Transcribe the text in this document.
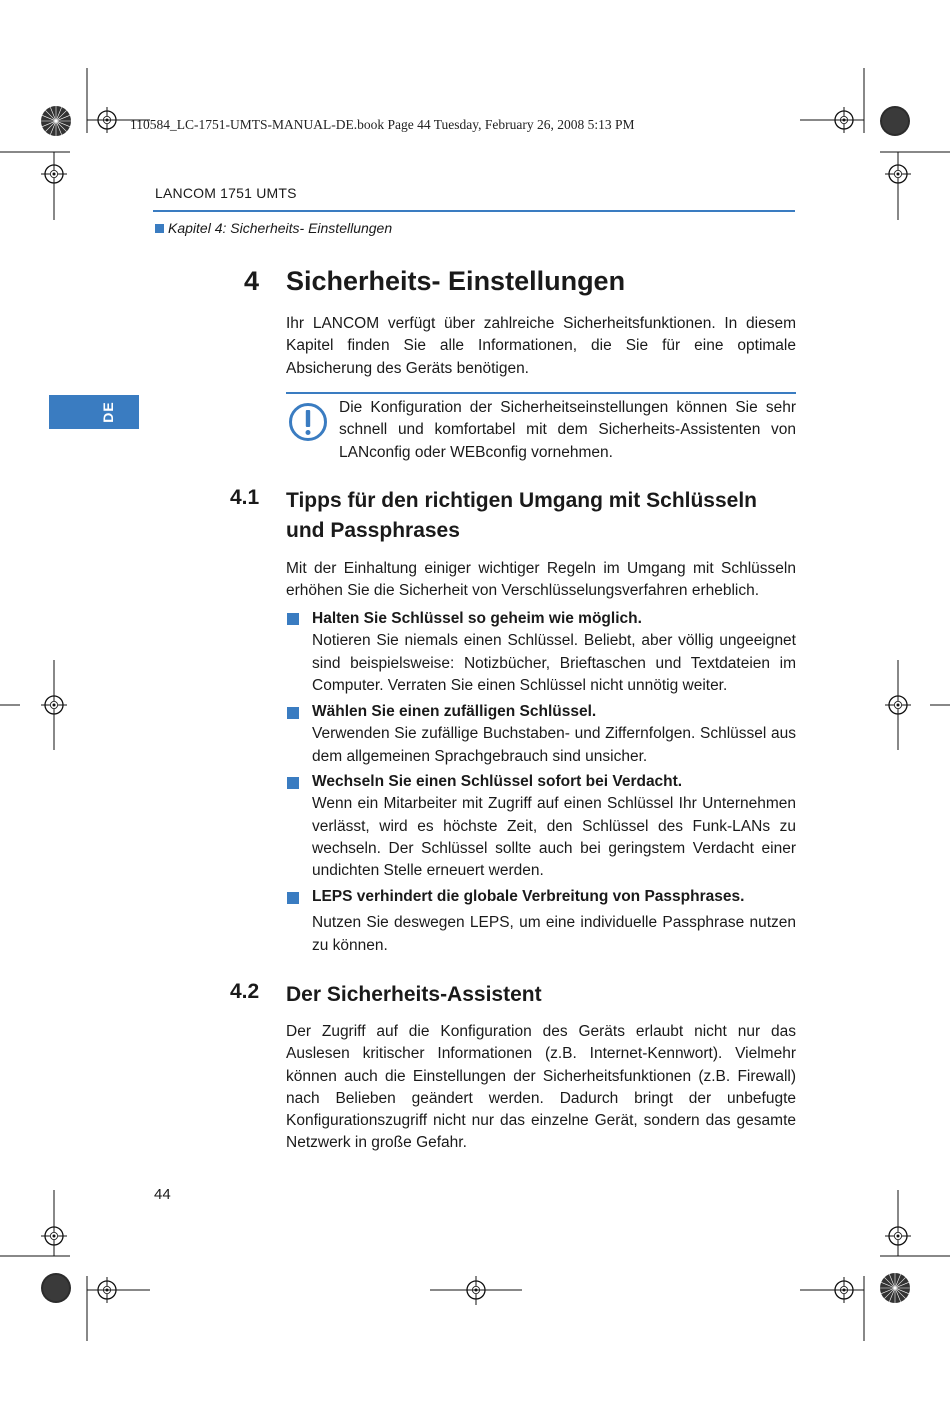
110584_LC-1751-UMTS-MANUAL-DE.book Page 44 Tuesday, February 26, 2008 5:13 PM
LANCOM 1751 UMTS
Kapitel 4: Sicherheits- Einstellungen
DE
4 Sicherheits- Einstellungen
Ihr LANCOM verfügt über zahlreiche Sicherheitsfunktionen. In diesem Kapitel finden Sie alle Informationen, die Sie für eine optimale Absicherung des Geräts benötigen.
Die Konfiguration der Sicherheitseinstellungen können Sie sehr schnell und komfortabel mit dem Sicherheits-Assistenten von LANconfig oder WEBconfig vornehmen.
4.1 Tipps für den richtigen Umgang mit Schlüsseln und Passphrases
Mit der Einhaltung einiger wichtiger Regeln im Umgang mit Schlüsseln erhöhen Sie die Sicherheit von Verschlüsselungsverfahren erheblich.
Halten Sie Schlüssel so geheim wie möglich.
Notieren Sie niemals einen Schlüssel. Beliebt, aber völlig ungeeignet sind beispielsweise: Notizbücher, Brieftaschen und Textdateien im Computer. Verraten Sie einen Schlüssel nicht unnötig weiter.
Wählen Sie einen zufälligen Schlüssel.
Verwenden Sie zufällige Buchstaben- und Ziffernfolgen. Schlüssel aus dem allgemeinen Sprachgebrauch sind unsicher.
Wechseln Sie einen Schlüssel sofort bei Verdacht.
Wenn ein Mitarbeiter mit Zugriff auf einen Schlüssel Ihr Unternehmen verlässt, wird es höchste Zeit, den Schlüssel des Funk-LANs zu wechseln. Der Schlüssel sollte auch bei geringstem Verdacht einer undichten Stelle erneuert werden.
LEPS verhindert die globale Verbreitung von Passphrases.
Nutzen Sie deswegen LEPS, um eine individuelle Passphrase nutzen zu können.
4.2 Der Sicherheits-Assistent
Der Zugriff auf die Konfiguration des Geräts erlaubt nicht nur das Auslesen kritischer Informationen (z.B. Internet-Kennwort). Vielmehr können auch die Einstellungen der Sicherheitsfunktionen (z.B. Firewall) nach Belieben geändert werden. Dadurch bringt der unbefugte Konfigurationszugriff nicht nur das einzelne Gerät, sondern das gesamte Netzwerk in große Gefahr.
44
